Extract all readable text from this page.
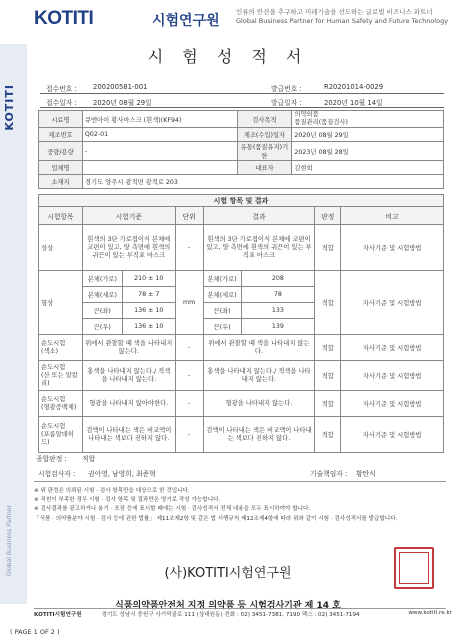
KOTITI	시험연구원
인류의 안전을 추구하고 미래기술을 선도하는 글로벌 비즈니스 파트너
Global Business Partner for Human Safety and Future Technology
KOTITI
Global Business Partner
시 험 성 적 서
접수번호 : 200200581-001	발급번호 :	R20201014-0029
접수일자 : 2020년 08월 29일	발급일자 :	2020년 10월 14일
시료명	큐엔아이 황사마스크 (흰색)(KF94)	검사목적	의약외품
품질관리(품질검사)
제조번호	Q02-01	제조(수입)일자	2020년 08월 29일
중량/용량	-	유통(품질유지)기한	2023년 08월 28일
업체명		대표자	김현희
소재지	경기도 양주시 광적면 광적로 203		
시험 항목 및 결과							
시험항목	시험기준		단위	결과		판정	비고
성상	흰색의 3단 가로접이식 본체에 코편이 있고, 양 측면에 흰색의 귀끈이 있는 부직포 마스크		-	흰색의 3단 가로접이식 본체에 코편이 있고, 양 측면에 흰색의 귀끈이 있는 부직포 마스크		적합	자사기준 및 시험방법
형상	본체(가로)	210 ± 10	mm	본체(가로)	208	적합	자사기준 및 시험방법
	본체(세로)	78 ± 7		본체(세로)	78		
	끈(좌)	136 ± 10		끈(좌)	133		
	끈(우)	136 ± 10		끈(우)	139		
순도시험
(색소)	위에서 관찰할 때 색을 나타내지 않는다.		-	위에서 관찰할 때 색을 나타내지 않는다.		적합	자사기준 및 시험방법
순도시험
(산 또는 알칼리)	홍색을 나타내지 않는다./ 적색을 나타내지 않는다.		-	홍색을 나타내지 않는다./ 적색을 나타내지 않는다.		적합	자사기준 및 시험방법
순도시험
(형광증백제)	형광을 나타내지 않아야한다.		-	형광을 나타내지 않는다.		적합	자사기준 및 시험방법
순도시험
(포름알데히드)	검액이 나타내는 색은 비교액이 나타내는 색보다 진하지 않다.		-	검액이 나타내는 색은 비교액이 나타내는 색보다 진하지 않다.		적합	자사기준 및 시험방법
종합판정 : 적합
시험검사자 : 권아영, 남영희, 최준혁	기술책임자 : 황탄식
※ 위 판정은 의뢰된 시험 · 검사 항목만을 대상으로 한 것입니다.
※ 직원이 부족한 경우 시험 · 검사 항목 및 결과만은 영기로 작성 가능합니다.
※ 검사결과를 광고하거나 용기 · 포장 등에 표시할 때에는 시험 · 검사성적서 전체 내용을 모두 표시하여야 합니다.
「식품 · 의약품분야 시험 · 검사 등에 관한 법률」 제11조제2항 및 같은 법 시행규칙 제12조제4항에 따라 위와 같이 시험 · 검사성적서를 발급합니다.
(사)KOTITI시험연구원
식품의약품안전처 지정 의약품 등 시험검사기관 제 14 호
KOTITI시험연구원	경기도 성남시 중원구 사기막골로 111 (상대원동) 전화 : 02) 3451-7381, 7190 팩스 : 02) 3451-7194	www.kotiti.re.kr
( PAGE 1 OF 2 )
